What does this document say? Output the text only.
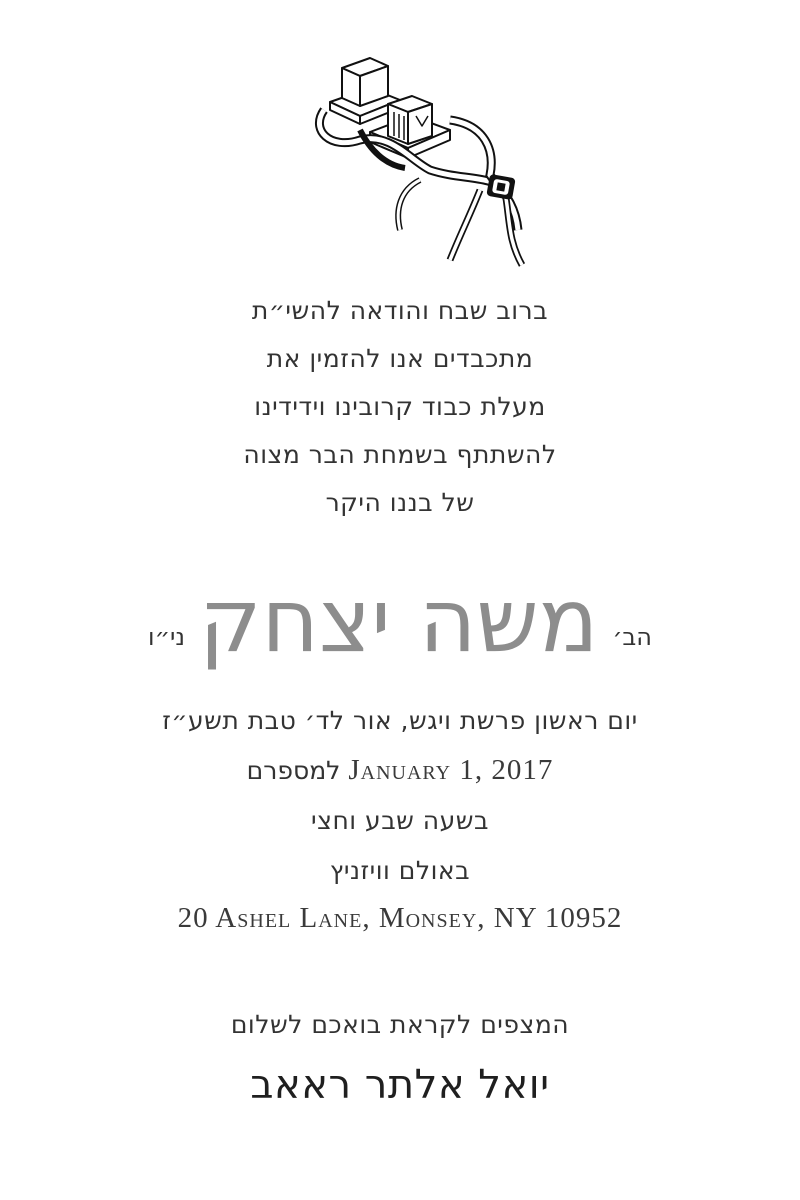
ברוב שבח והודאה להשי״ת
מתכבדים אנו להזמין את
מעלת כבוד קרובינו וידידינו
להשתתף בשמחת הבר מצוה
של בננו היקר
הב׳
משה יצחק
ני״ו
יום ראשון פרשת ויגש, אור לד׳ טבת תשע״ז
January 1, 2017 למספרם
בשעה שבע וחצי
באולם וויזניץ
20 Ashel Lane, Monsey, NY 10952
המצפים לקראת בואכם לשלום
יואל אלתר ראאב
